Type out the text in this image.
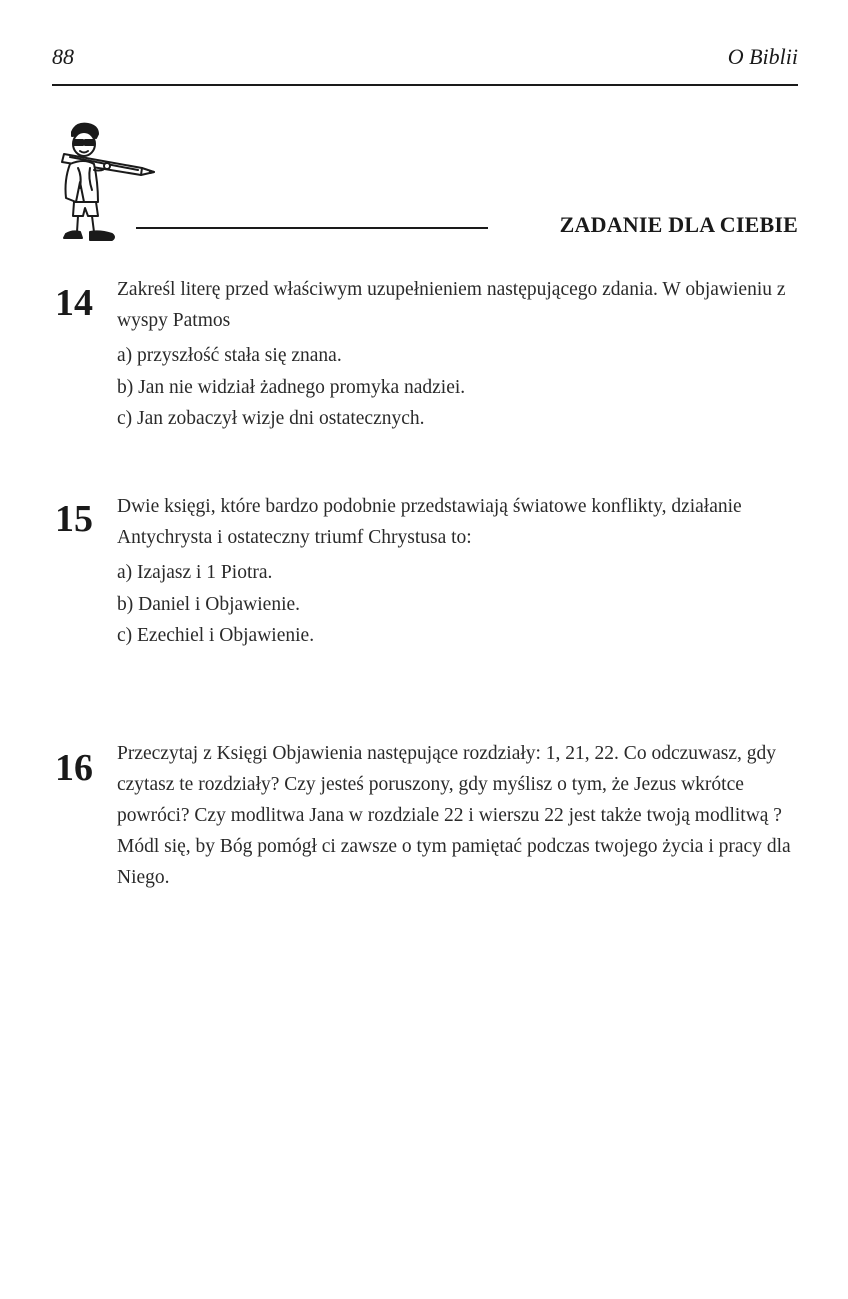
88	O Biblii
ZADANIE DLA CIEBIE
14 Zakreśl literę przed właściwym uzupełnieniem następującego zdania. W objawieniu z wyspy Patmos

a) przyszłość stała się znana.
b) Jan nie widział żadnego promyka nadziei.
c) Jan zobaczył wizje dni ostatecznych.
15 Dwie księgi, które bardzo podobnie przedstawiają światowe konflikty, działanie Antychrysta i ostateczny triumf Chrystusa to:

a) Izajasz i 1 Piotra.
b) Daniel i Objawienie.
c) Ezechiel i Objawienie.
16 Przeczytaj z Księgi Objawienia następujące rozdziały: 1, 21, 22. Co odczuwasz, gdy czytasz te rozdziały? Czy jesteś poruszony, gdy myślisz o tym, że Jezus wkrótce powróci? Czy modlitwa Jana w rozdziale 22 i wierszu 22 jest także twoją modlitwą ? Módl się, by Bóg pomógł ci zawsze o tym pamiętać podczas twojego życia i pracy dla Niego.
